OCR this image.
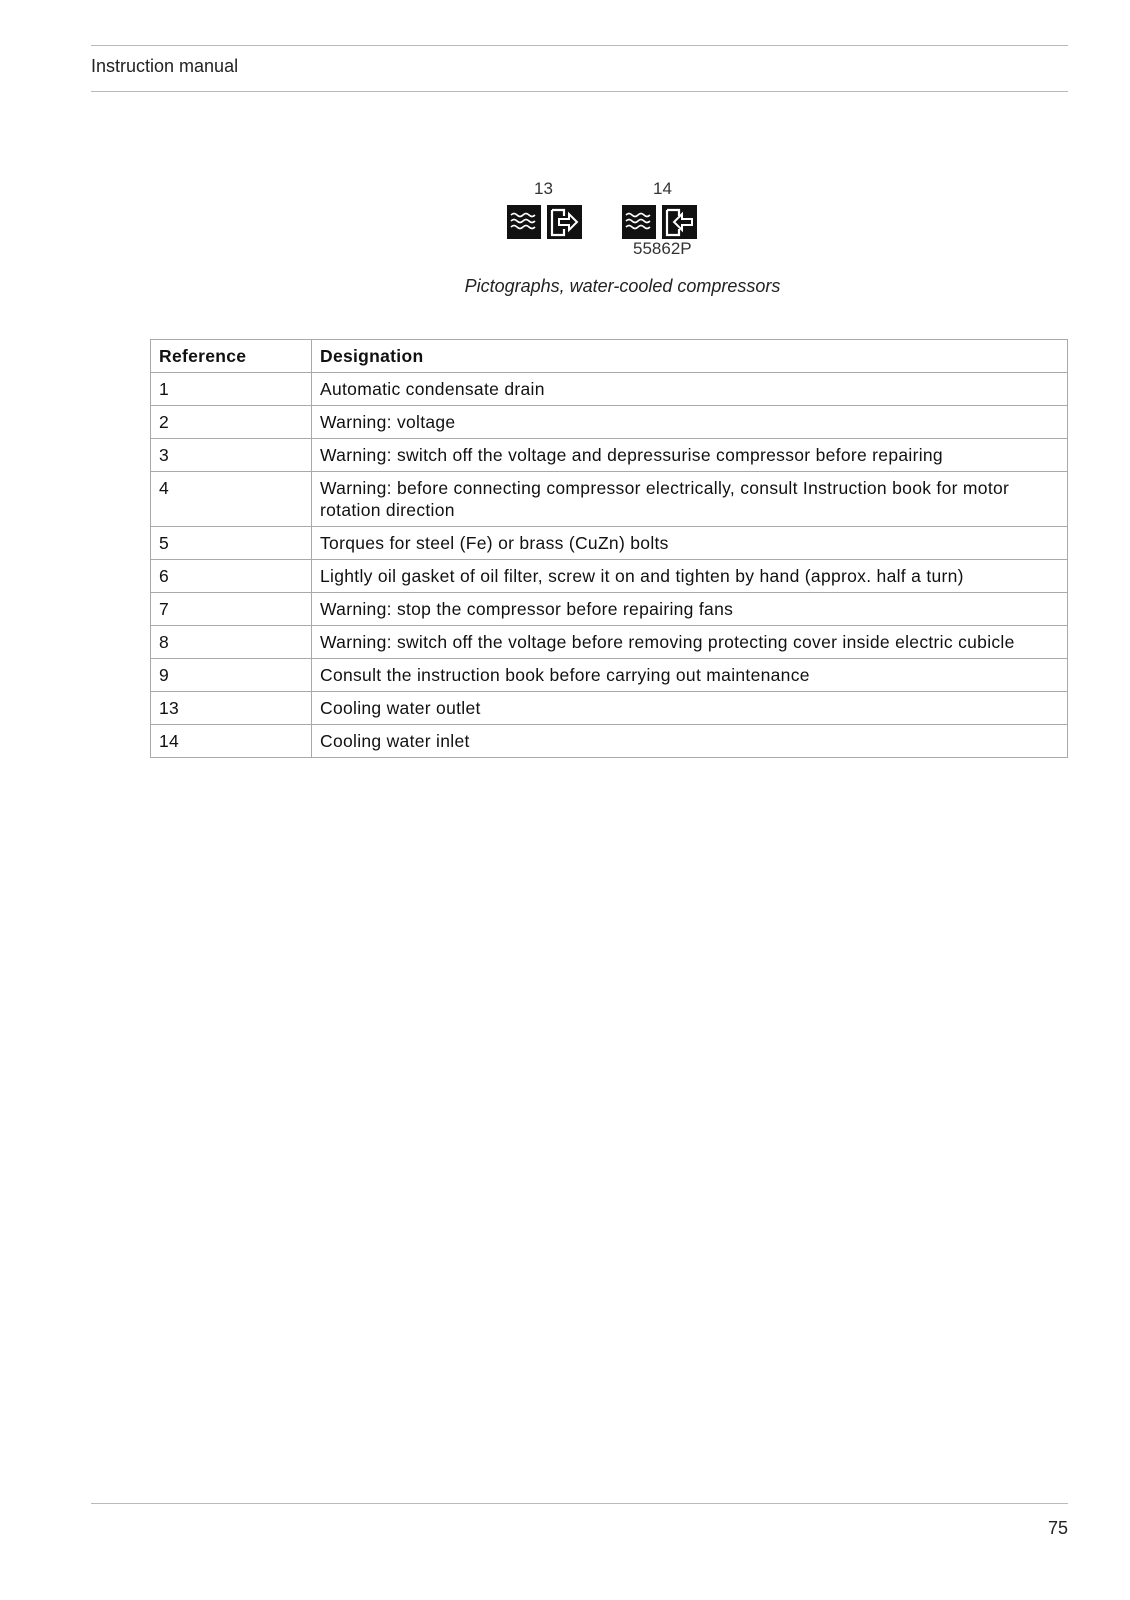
Instruction manual
13	14
55862P
Pictographs, water-cooled compressors
Reference	Designation
1	Automatic condensate drain
2	Warning: voltage
3	Warning: switch off the voltage and depressurise compressor before repairing
4	Warning: before connecting compressor electrically, consult Instruction book for motor rotation direction
5	Torques for steel (Fe) or brass (CuZn) bolts
6	Lightly oil gasket of oil filter, screw it on and tighten by hand (approx. half a turn)
7	Warning: stop the compressor before repairing fans
8	Warning: switch off the voltage before removing protecting cover inside electric cubicle
9	Consult the instruction book before carrying out maintenance
13	Cooling water outlet
14	Cooling water inlet
75
